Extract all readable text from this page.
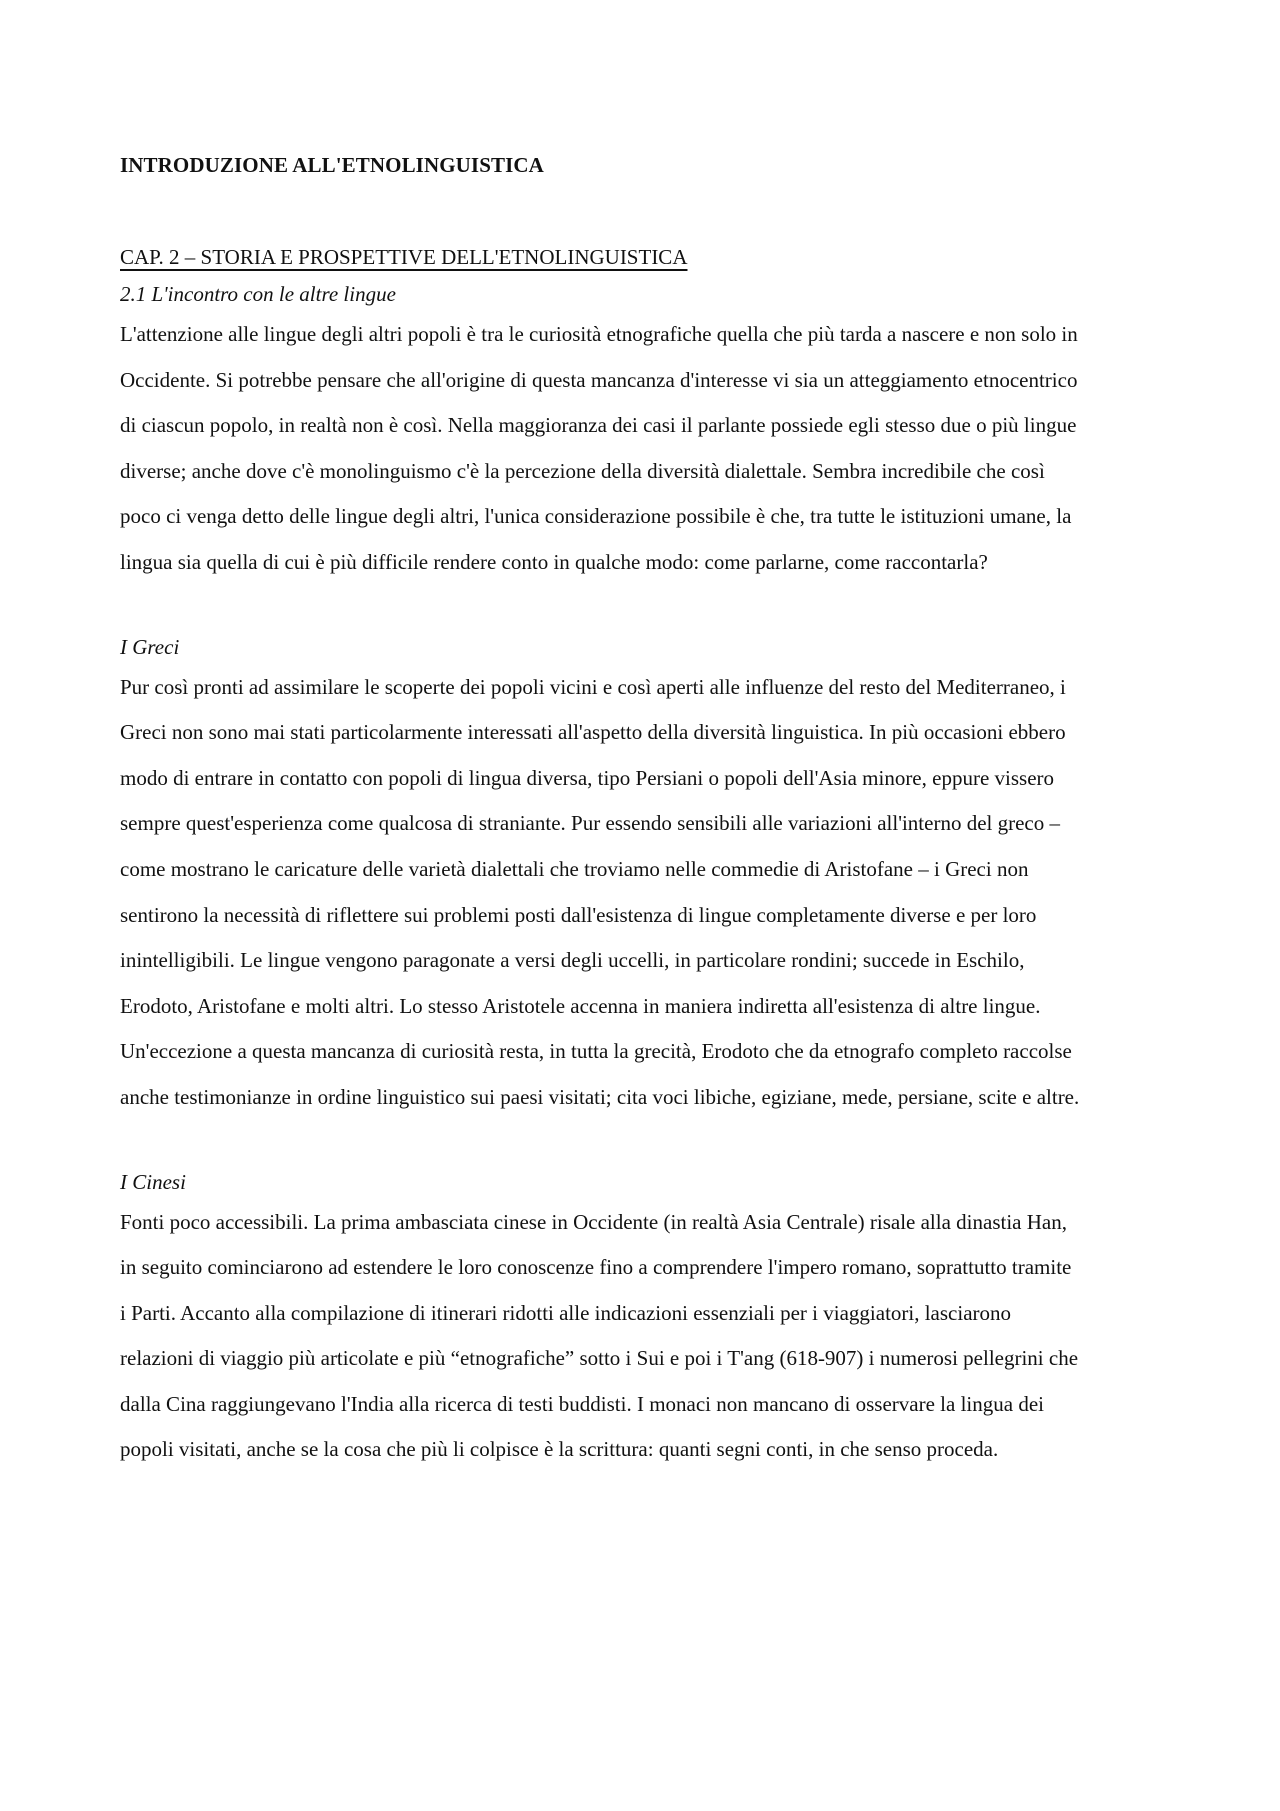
INTRODUZIONE ALL'ETNOLINGUISTICA
CAP. 2 – STORIA E PROSPETTIVE DELL'ETNOLINGUISTICA
2.1 L'incontro con le altre lingue

L'attenzione alle lingue degli altri popoli è tra le curiosità etnografiche quella che più tarda a nascere e non solo in Occidente. Si potrebbe pensare che all'origine di questa mancanza d'interesse vi sia un atteggiamento etnocentrico di ciascun popolo, in realtà non è così. Nella maggioranza dei casi il parlante possiede egli stesso due o più lingue diverse; anche dove c'è monolinguismo c'è la percezione della diversità dialettale. Sembra incredibile che così poco ci venga detto delle lingue degli altri, l'unica considerazione possibile è che, tra tutte le istituzioni umane, la lingua sia quella di cui è più difficile rendere conto in qualche modo: come parlarne, come raccontarla?

I Greci

Pur così pronti ad assimilare le scoperte dei popoli vicini e così aperti alle influenze del resto del Mediterraneo, i Greci non sono mai stati particolarmente interessati all'aspetto della diversità linguistica. In più occasioni ebbero modo di entrare in contatto con popoli di lingua diversa, tipo Persiani o popoli dell'Asia minore, eppure vissero sempre quest'esperienza come qualcosa di straniante. Pur essendo sensibili alle variazioni all'interno del greco – come mostrano le caricature delle varietà dialettali che troviamo nelle commedie di Aristofane – i Greci non sentirono la necessità di riflettere sui problemi posti dall'esistenza di lingue completamente diverse e per loro inintelligibili. Le lingue vengono paragonate a versi degli uccelli, in particolare rondini; succede in Eschilo, Erodoto, Aristofane e molti altri. Lo stesso Aristotele accenna in maniera indiretta all'esistenza di altre lingue. Un'eccezione a questa mancanza di curiosità resta, in tutta la grecità, Erodoto che da etnografo completo raccolse anche testimonianze in ordine linguistico sui paesi visitati; cita voci libiche, egiziane, mede, persiane, scite e altre.

I Cinesi

Fonti poco accessibili. La prima ambasciata cinese in Occidente (in realtà Asia Centrale) risale alla dinastia Han, in seguito cominciarono ad estendere le loro conoscenze fino a comprendere l'impero romano, soprattutto tramite i Parti. Accanto alla compilazione di itinerari ridotti alle indicazioni essenziali per i viaggiatori, lasciarono relazioni di viaggio più articolate e più “etnografiche” sotto i Sui e poi i T'ang (618-907) i numerosi pellegrini che dalla Cina raggiungevano l'India alla ricerca di testi buddisti. I monaci non mancano di osservare la lingua dei popoli visitati, anche se la cosa che più li colpisce è la scrittura: quanti segni conti, in che senso proceda.
